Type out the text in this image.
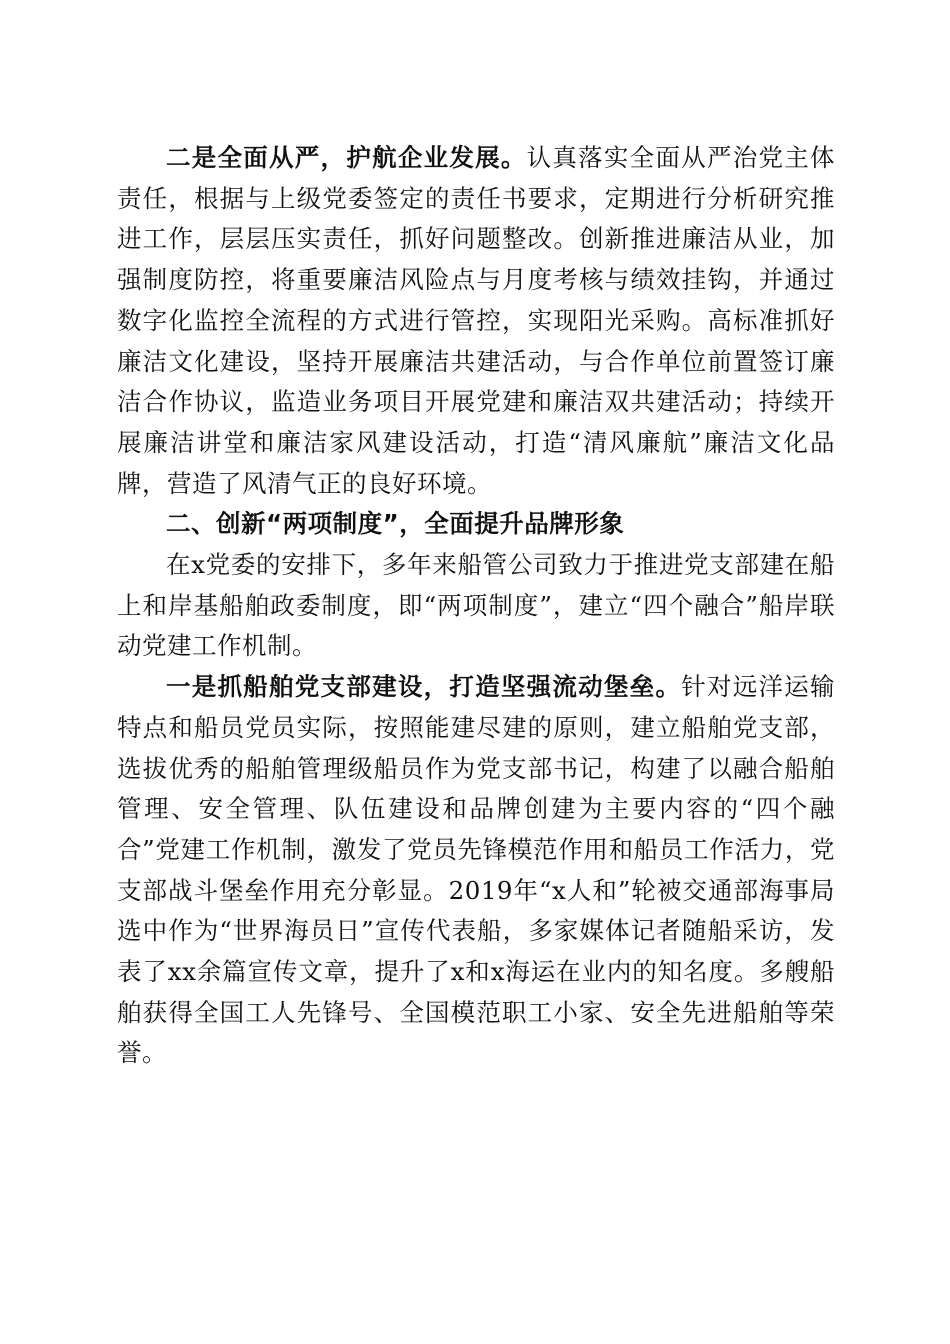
二是全面从严，护航企业发展。认真落实全面从严治党主体责任，根据与上级党委签定的责任书要求，定期进行分析研究推进工作，层层压实责任，抓好问题整改。创新推进廉洁从业，加强制度防控，将重要廉洁风险点与月度考核与绩效挂钩，并通过数字化监控全流程的方式进行管控，实现阳光采购。高标准抓好廉洁文化建设，坚持开展廉洁共建活动，与合作单位前置签订廉洁合作协议，监造业务项目开展党建和廉洁双共建活动；持续开展廉洁讲堂和廉洁家风建设活动，打造“清风廉航”廉洁文化品牌，营造了风清气正的良好环境。

二、创新“两项制度”，全面提升品牌形象

在x党委的安排下，多年来船管公司致力于推进党支部建在船上和岸基船舶政委制度，即“两项制度”，建立“四个融合”船岸联动党建工作机制。

一是抓船舶党支部建设，打造坚强流动堡垒。针对远洋运输特点和船员党员实际，按照能建尽建的原则，建立船舶党支部，选拔优秀的船舶管理级船员作为党支部书记，构建了以融合船舶管理、安全管理、队伍建设和品牌创建为主要内容的“四个融合”党建工作机制，激发了党员先锋模范作用和船员工作活力，党支部战斗堡垒作用充分彰显。2019年“x人和”轮被交通部海事局选中作为“世界海员日”宣传代表船，多家媒体记者随船采访，发表了xx余篇宣传文章，提升了x和x海运在业内的知名度。多艘船舶获得全国工人先锋号、全国模范职工小家、安全先进船舶等荣誉。
